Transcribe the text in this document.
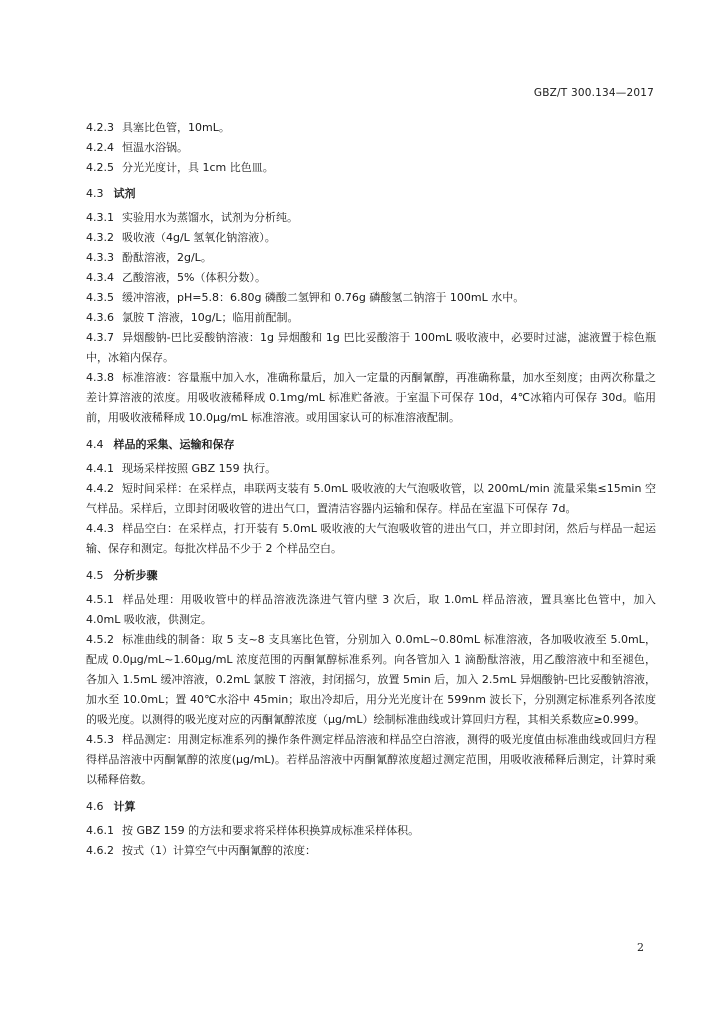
GBZ/T 300.134—2017

4.2.3 具塞比色管，10mL。

4.2.4 恒温水浴锅。

4.2.5 分光光度计，具 1cm 比色皿。

4.3 试剂

4.3.1 实验用水为蒸馏水，试剂为分析纯。

4.3.2 吸收液（4g/L 氢氧化钠溶液）。

4.3.3 酚酞溶液，2g/L。

4.3.4 乙酸溶液，5%（体积分数）。

4.3.5 缓冲溶液，pH=5.8：6.80g 磷酸二氢钾和 0.76g 磷酸氢二钠溶于 100mL 水中。

4.3.6 氯胺 T 溶液，10g/L；临用前配制。

4.3.7 异烟酸钠-巴比妥酸钠溶液：1g 异烟酸和 1g 巴比妥酸溶于 100mL 吸收液中，必要时过滤，滤液置于棕色瓶中，冰箱内保存。

4.3.8 标准溶液：容量瓶中加入水，准确称量后，加入一定量的丙酮氰醇，再准确称量，加水至刻度；由两次称量之差计算溶液的浓度。用吸收液稀释成 0.1mg/mL 标准贮备液。于室温下可保存 10d，4℃冰箱内可保存 30d。临用前，用吸收液稀释成 10.0μg/mL 标准溶液。或用国家认可的标准溶液配制。

4.4 样品的采集、运输和保存

4.4.1 现场采样按照 GBZ 159 执行。

4.4.2 短时间采样：在采样点，串联两支装有 5.0mL 吸收液的大气泡吸收管，以 200mL/min 流量采集≤15min 空气样品。采样后，立即封闭吸收管的进出气口，置清洁容器内运输和保存。样品在室温下可保存 7d。

4.4.3 样品空白：在采样点，打开装有 5.0mL 吸收液的大气泡吸收管的进出气口，并立即封闭，然后与样品一起运输、保存和测定。每批次样品不少于 2 个样品空白。

4.5 分析步骤

4.5.1 样品处理：用吸收管中的样品溶液洗涤进气管内壁 3 次后，取 1.0mL 样品溶液，置具塞比色管中，加入 4.0mL 吸收液，供测定。

4.5.2 标准曲线的制备：取 5 支~8 支具塞比色管，分别加入 0.0mL~0.80mL 标准溶液，各加吸收液至 5.0mL，配成 0.0μg/mL~1.60μg/mL 浓度范围的丙酮氰醇标准系列。向各管加入 1 滴酚酞溶液，用乙酸溶液中和至褪色，各加入 1.5mL 缓冲溶液，0.2mL 氯胺 T 溶液，封闭摇匀，放置 5min 后，加入 2.5mL 异烟酸钠-巴比妥酸钠溶液，加水至 10.0mL；置 40℃水浴中 45min；取出冷却后，用分光光度计在 599nm 波长下，分别测定标准系列各浓度的吸光度。以测得的吸光度对应的丙酮氰醇浓度（μg/mL）绘制标准曲线或计算回归方程，其相关系数应≥0.999。

4.5.3 样品测定：用测定标准系列的操作条件测定样品溶液和样品空白溶液，测得的吸光度值由标准曲线或回归方程得样品溶液中丙酮氰醇的浓度(μg/mL)。若样品溶液中丙酮氰醇浓度超过测定范围，用吸收液稀释后测定，计算时乘以稀释倍数。

4.6 计算

4.6.1 按 GBZ 159 的方法和要求将采样体积换算成标准采样体积。

4.6.2 按式（1）计算空气中丙酮氰醇的浓度：

2
